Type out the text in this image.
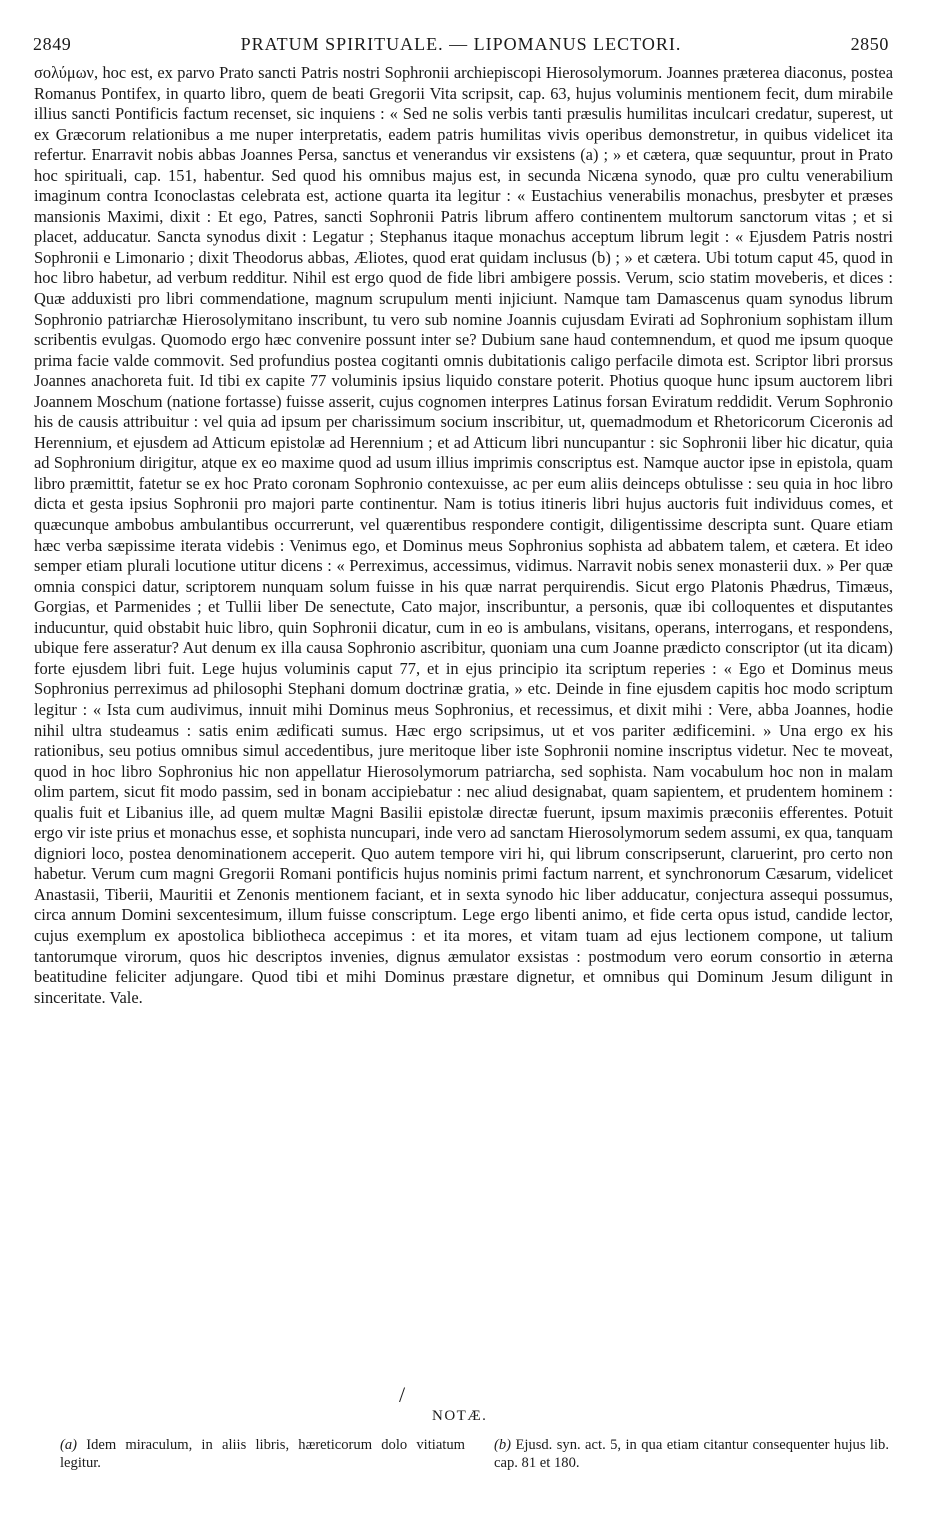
2849	PRATUM SPIRITUALE. — LIPOMANUS LECTORI.	2850

σολύμων, hoc est, ex parvo Prato sancti Patris nostri Sophronii archiepiscopi Hierosolymorum. Joannes præterea diaconus, postea Romanus Pontifex, in quarto libro, quem de beati Gregorii Vita scripsit, cap. 63, hujus voluminis mentionem fecit, dum mirabile illius sancti Pontificis factum recenset, sic inquiens : « Sed ne solis verbis tanti præsulis humilitas inculcari credatur, superest, ut ex Græcorum relationibus a me nuper interpretatis, eadem patris humilitas vivis operibus demonstretur, in quibus videlicet ita refertur. Enarravit nobis abbas Joannes Persa, sanctus et venerandus vir exsistens (a) ; » et cætera, quæ sequuntur, prout in Prato hoc spirituali, cap. 151, habentur. Sed quod his omnibus majus est, in secunda Nicæna synodo, quæ pro cultu venerabilium imaginum contra Iconoclastas celebrata est, actione quarta ita legitur : « Eustachius venerabilis monachus, presbyter et præses mansionis Maximi, dixit : Et ego, Patres, sancti Sophronii Patris librum affero continentem multorum sanctorum vitas ; et si placet, adducatur. Sancta synodus dixit : Legatur ; Stephanus itaque monachus acceptum librum legit : « Ejusdem Patris nostri Sophronii e Limonario ; dixit Theodorus abbas, Æliotes, quod erat quidam inclusus (b) ; » et cætera. Ubi totum caput 45, quod in hoc libro habetur, ad verbum redditur. Nihil est ergo quod de fide libri ambigere possis. Verum, scio statim moveberis, et dices : Quæ adduxisti pro libri commendatione, magnum scrupulum menti injiciunt. Namque tam Damascenus quam synodus librum Sophronio patriarchæ Hierosolymitano inscribunt, tu vero sub nomine Joannis cujusdam Evirati ad Sophronium sophistam illum scribentis evulgas. Quomodo ergo hæc convenire possunt inter se? Dubium sane haud contemnendum, et quod me ipsum quoque prima facie valde commovit. Sed profundius postea cogitanti omnis dubitationis caligo perfacile dimota est. Scriptor libri prorsus Joannes anachoreta fuit. Id tibi ex capite 77 voluminis ipsius liquido constare poterit. Photius quoque hunc ipsum auctorem libri Joannem Moschum (natione fortasse) fuisse asserit, cujus cognomen interpres Latinus forsan Eviratum reddidit. Verum Sophronio his de causis attribuitur : vel quia ad ipsum per charissimum socium inscribitur, ut, quemadmodum et Rhetoricorum Ciceronis ad Herennium, et ejusdem ad Atticum epistolæ ad Herennium ; et ad Atticum libri nuncupantur : sic Sophronii liber hic dicatur, quia ad Sophronium dirigitur, atque ex eo maxime quod ad usum illius imprimis conscriptus est. Namque auctor ipse in epistola, quam libro præmittit, fatetur se ex hoc Prato coronam Sophronio contexuisse, ac per eum aliis deinceps obtulisse : seu quia in hoc libro dicta et gesta ipsius Sophronii pro majori parte continentur. Nam is totius itineris libri hujus auctoris fuit individuus comes, et quæcunque ambobus ambulantibus occurrerunt, vel quærentibus respondere contigit, diligentissime descripta sunt. Quare etiam hæc verba sæpissime iterata videbis : Venimus ego, et Dominus meus Sophronius sophista ad abbatem talem, et cætera. Et ideo semper etiam plurali locutione utitur dicens : « Perreximus, accessimus, vidimus. Narravit nobis senex monasterii dux. » Per quæ omnia conspici datur, scriptorem nunquam solum fuisse in his quæ narrat perquirendis. Sicut ergo Platonis Phædrus, Timæus, Gorgias, et Parmenides ; et Tullii liber De senectute, Cato major, inscribuntur, a personis, quæ ibi colloquentes et disputantes inducuntur, quid obstabit huic libro, quin Sophronii dicatur, cum in eo is ambulans, visitans, operans, interrogans, et respondens, ubique fere asseratur? Aut denum ex illa causa Sophronio ascribitur, quoniam una cum Joanne prædicto conscriptor (ut ita dicam) forte ejusdem libri fuit. Lege hujus voluminis caput 77, et in ejus principio ita scriptum reperies : « Ego et Dominus meus Sophronius perreximus ad philosophi Stephani domum doctrinæ gratia, » etc. Deinde in fine ejusdem capitis hoc modo scriptum legitur : « Ista cum audivimus, innuit mihi Dominus meus Sophronius, et recessimus, et dixit mihi : Vere, abba Joannes, hodie nihil ultra studeamus : satis enim ædificati sumus. Hæc ergo scripsimus, ut et vos pariter ædificemini. » Una ergo ex his rationibus, seu potius omnibus simul accedentibus, jure meritoque liber iste Sophronii nomine inscriptus videtur. Nec te moveat, quod in hoc libro Sophronius hic non appellatur Hierosolymorum patriarcha, sed sophista. Nam vocabulum hoc non in malam olim partem, sicut fit modo passim, sed in bonam accipiebatur : nec aliud designabat, quam sapientem, et prudentem hominem : qualis fuit et Libanius ille, ad quem multæ Magni Basilii epistolæ directæ fuerunt, ipsum maximis præconiis efferentes. Potuit ergo vir iste prius et monachus esse, et sophista nuncupari, inde vero ad sanctam Hierosolymorum sedem assumi, ex qua, tanquam digniori loco, postea denominationem acceperit. Quo autem tempore viri hi, qui librum conscripserunt, claruerint, pro certo non habetur. Verum cum magni Gregorii Romani pontificis hujus nominis primi factum narrent, et synchronorum Cæsarum, videlicet Anastasii, Tiberii, Mauritii et Zenonis mentionem faciant, et in sexta synodo hic liber adducatur, conjectura assequi possumus, circa annum Domini sexcentesimum, illum fuisse conscriptum. Lege ergo libenti animo, et fide certa opus istud, candide lector, cujus exemplum ex apostolica bibliotheca accepimus : et ita mores, et vitam tuam ad ejus lectionem compone, ut talium tantorumque virorum, quos hic descriptos invenies, dignus æmulator exsistas : postmodum vero eorum consortio in æterna beatitudine feliciter adjungare. Quod tibi et mihi Dominus præstare dignetur, et omnibus qui Dominum Jesum diligunt in sinceritate. Vale.

/
NOTÆ.
(a) Idem miraculum, in aliis libris, hæreticorum dolo vitiatum legitur.
(b) Ejusd. syn. act. 5, in qua etiam citantur consequenter hujus lib. cap. 81 et 180.
